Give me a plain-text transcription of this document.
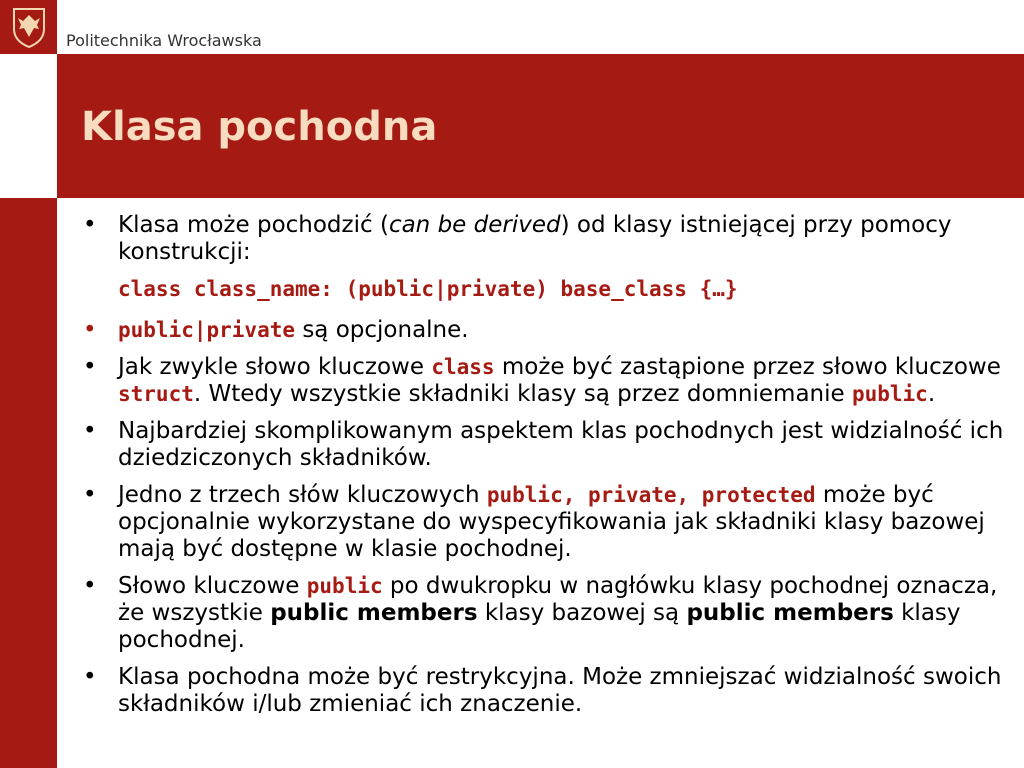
Politechnika Wrocławska
Klasa pochodna
• Klasa może pochodzić (can be derived) od klasy istniejącej przy pomocy konstrukcji:
class class_name: (public|private) base_class {…}
• public|private są opcjonalne.
• Jak zwykle słowo kluczowe class może być zastąpione przez słowo kluczowe struct. Wtedy wszystkie składniki klasy są przez domniemanie public.
• Najbardziej skomplikowanym aspektem klas pochodnych jest widzialność ich dziedziczonych składników.
• Jedno z trzech słów kluczowych public, private, protected może być opcjonalnie wykorzystane do wyspecyfikowania jak składniki klasy bazowej mają być dostępne w klasie pochodnej.
• Słowo kluczowe public po dwukropku w nagłówku klasy pochodnej oznacza, że wszystkie public members klasy bazowej są public members klasy pochodnej.
• Klasa pochodna może być restrykcyjna. Może zmniejszać widzialność swoich składników i/lub zmieniać ich znaczenie.
